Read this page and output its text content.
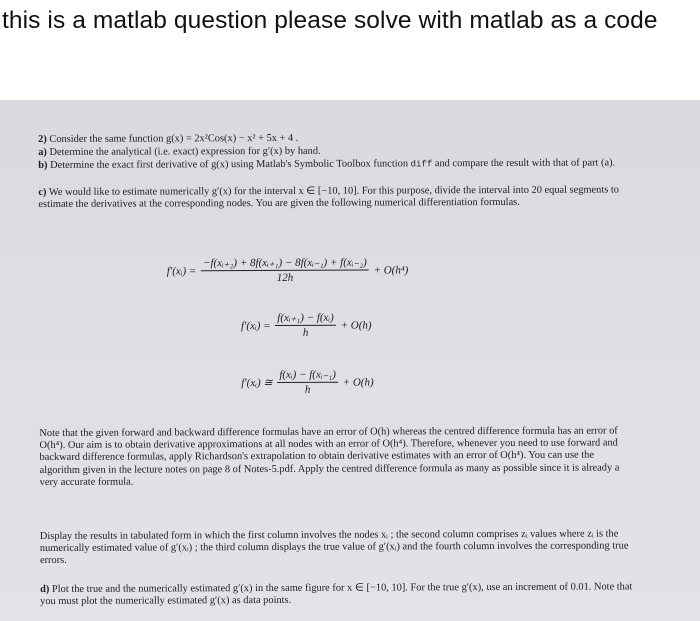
this is a matlab question please solve with matlab as a code

2) Consider the same function g(x) = 2x²Cos(x) − x² + 5x + 4 .

a) Determine the analytical (i.e. exact) expression for g′(x) by hand.

b) Determine the exact first derivative of g(x) using Matlab's Symbolic Toolbox function diff and compare the result with that of part (a).

c) We would like to estimate numerically g′(x) for the interval x ∈ [−10, 10]. For this purpose, divide the interval into 20 equal segments to estimate the derivatives at the corresponding nodes. You are given the following numerical differentiation formulas.

f′(xᵢ) = $\frac{\text{−f(xᵢ₊₂) + 8f(xᵢ₊₁) − 8f(xᵢ₋₁) + f(xᵢ₋₂)}}{12h} + O(h^4)$
f′(xᵢ) = $\frac{\text{f(xᵢ₊₁) − f(xᵢ)}}{h} + O(h)$
f′(xᵢ) ≅ $\frac{\text{f(xᵢ) − f(xᵢ₋₁)}}{h} + O(h)$

Note that the given forward and backward difference formulas have an error of O(h) whereas the centred difference formula has an error of O(h⁴). Our aim is to obtain derivative approximations at all nodes with an error of O(h⁴). Therefore, whenever you need to use forward and backward difference formulas, apply Richardson's extrapolation to obtain derivative estimates with an error of O(h⁴). You can use the algorithm given in the lecture notes on page 8 of Notes-5.pdf. Apply the centred difference formula as many as possible since it is already a very accurate formula.

Display the results in tabulated form in which the first column involves the nodes xᵢ ; the second column comprises zᵢ values where zᵢ is the numerically estimated value of g′(xᵢ) ; the third column displays the true value of g′(xᵢ) and the fourth column involves the corresponding true errors.

d) Plot the true and the numerically estimated g′(x) in the same figure for x ∈ [−10, 10]. For the true g′(x), use an increment of 0.01. Note that you must plot the numerically estimated g′(x) as data points.
